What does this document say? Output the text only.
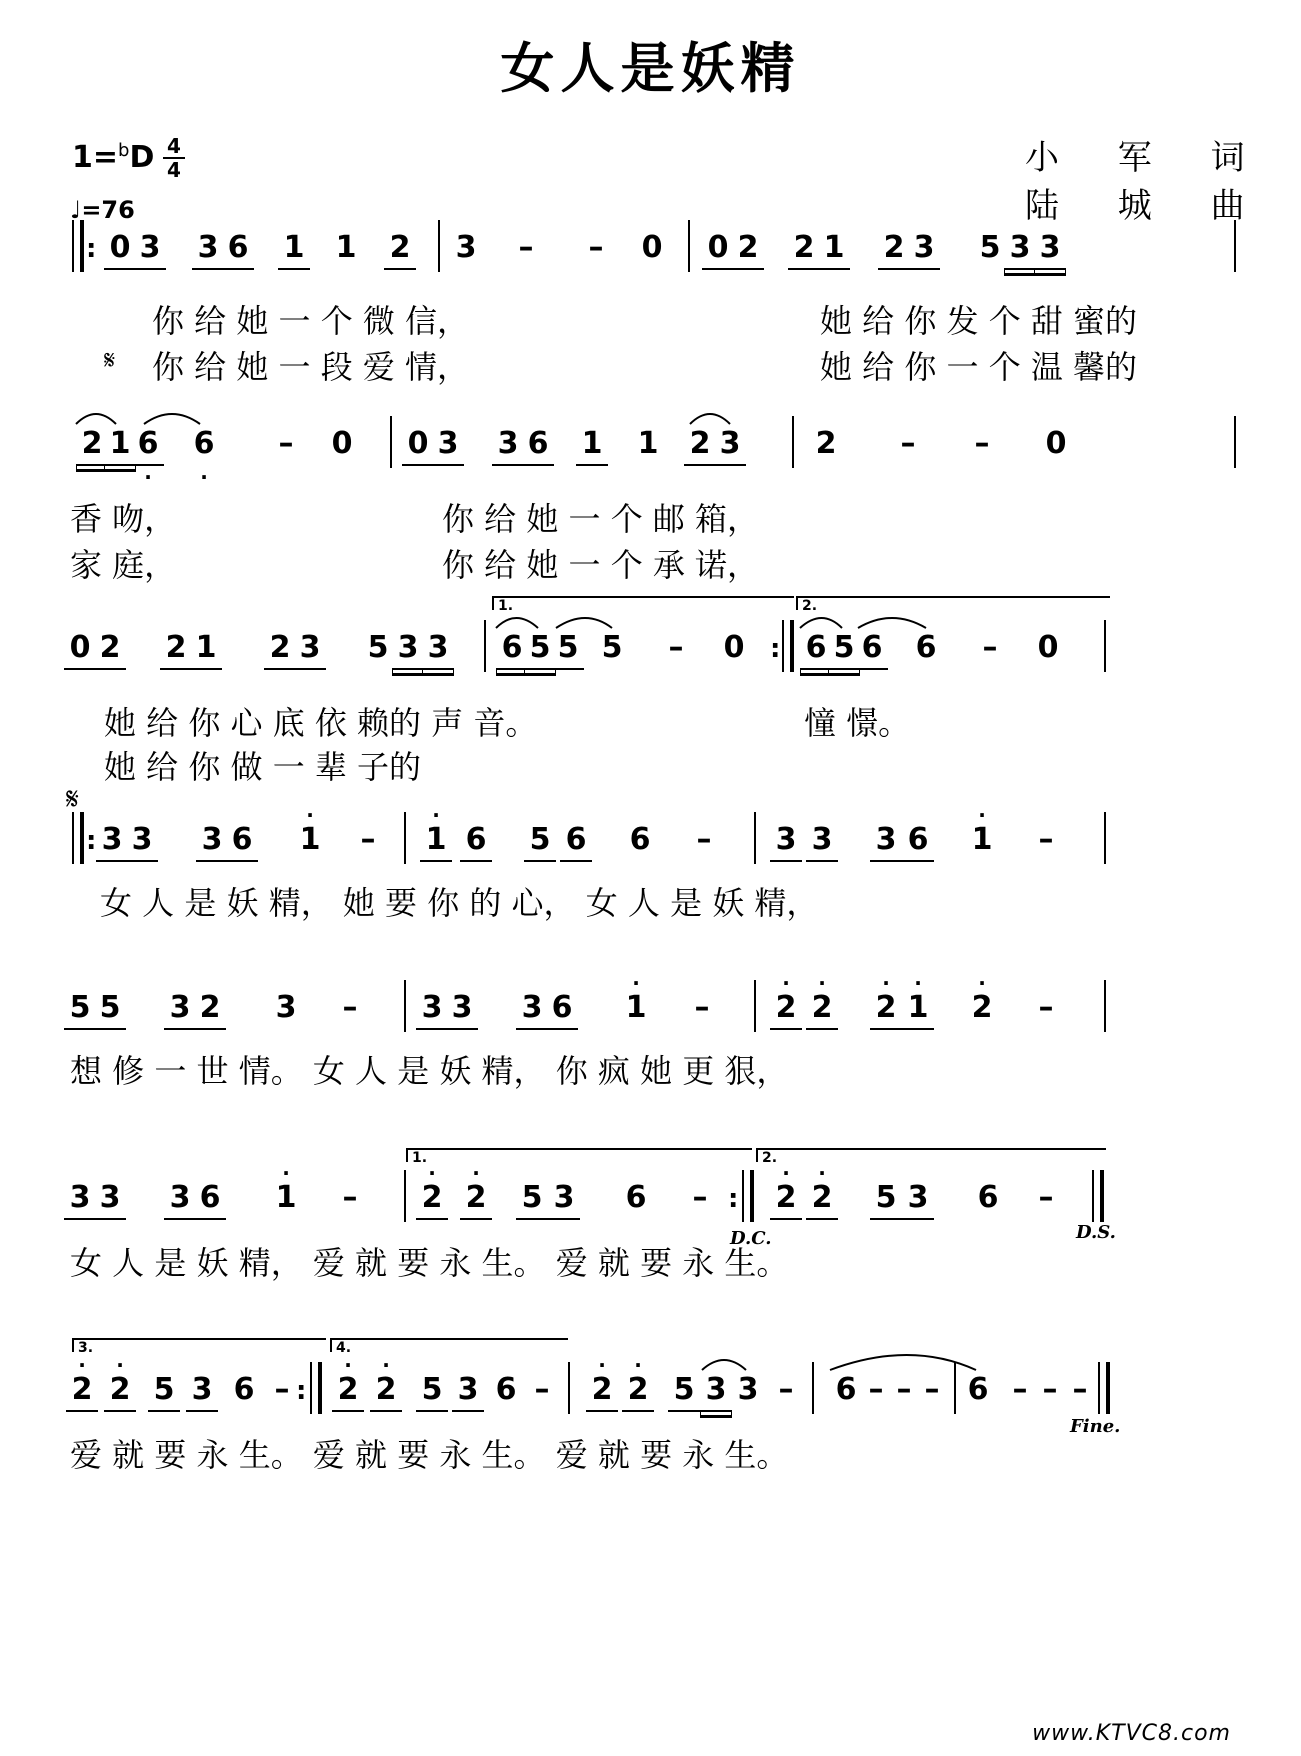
女人是妖精
1=$^b$D 4
4
♩=76
小 军 词
陆 城 曲
: 0 3 3 6 1 1 2 3 – – 0 0 2 2 1 2 3 5 3 3
你 给 她 一 个 微 信，	她 给 你 发 个 甜 蜜的
𝄋 你 给 她 一 段 爱 情，	她 给 你 一 个 温 馨的
2 1 6
·
6
·
– 0 0 3 3 6 1 1 2 3	2 – – 0
香 吻，	你 给 她 一 个 邮 箱，
家 庭，	你 给 她 一 个 承 诺，
1.	2.
0 2 2 1 2 3 5 3 3 6 5 5 5 – 0 : 6 5 6 6 – 0
她 给 你 心 底 依 赖的 声 音。	憧 憬。
她 给 你 做 一 辈 子的
𝄋
: 3 3 3 6 1
·
– 1
·
6 5 6 6 – 3 3 3 6 1
·
–
女 人 是 妖 精， 她 要 你 的 心， 女 人 是 妖 精，
5 5 3 2 3 – 3 3 3 6 1
·
– 2
·
2
·
2
·
1
·
2
·
–
想 修 一 世 情。 女 人 是 妖 精， 你 疯 她 更 狠，
1.	2.
3 3 3 6 1
·
– 2
·
2
·
5 3 6 – : 2
·
2
·
5 3 6 –
D.C.	D.S.
女 人 是 妖 精， 爱 就 要 永 生。 爱 就 要 永 生。
3.	4.
2
·
2
·
5 3 6 – : 2
·
2
·
5 3 6 – 2
·
2
·
5 3 3 – 6 – – – 6 – – –
Fine.
爱 就 要 永 生。 爱 就 要 永 生。 爱 就 要 永 生。
www.KTVC8.com
